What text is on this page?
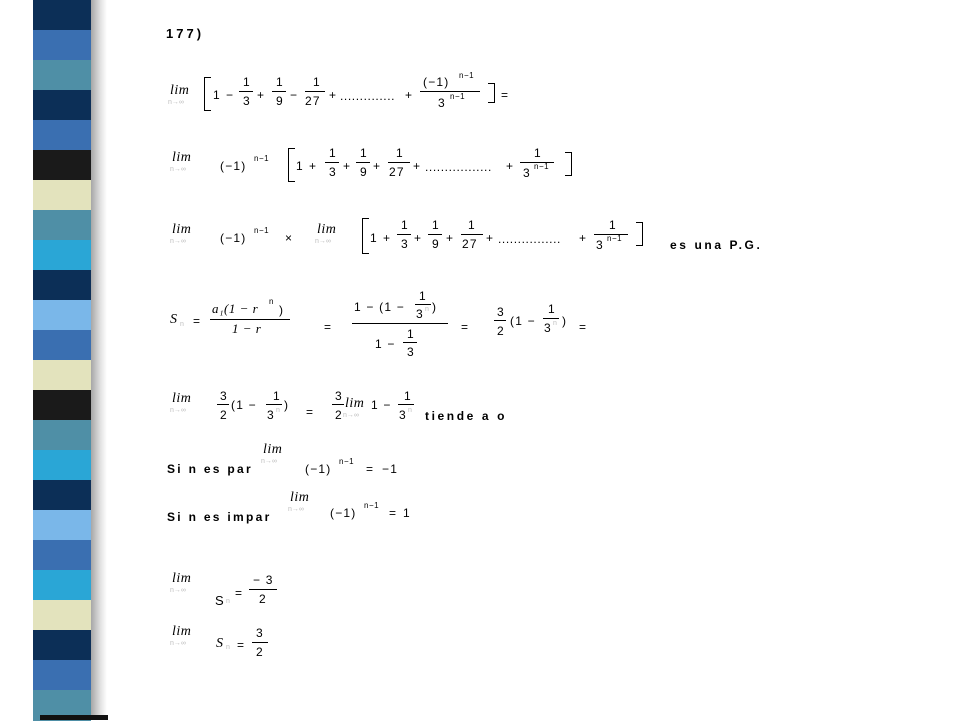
177)
lim
n→∞
1 −
1
3 +
1
9 −
1
27 + .............. +
(−1) n−1
3 n−1	=
lim
n→∞	(−1)
n−1
1 +
1
3 +
1
9 +
1
27 + ................. +
1
3 n−1
lim
n→∞	(−1)
n−1
×
lim
n→∞	1 +
1
3 +
1
9 +
1
27 + ................ +
1
3 n−1	es una P.G.
S n =
a₁(1 − r n
)
1 − r	=
1 − (1 −
1
3 n )
1 −
1
3
=
3
2
(1 −
1
3 n ) =
lim
n→∞
3
2
(1 −
1
3 n ) =
3
2
lim
n→∞
1 −
1
3 n tiende a o
Si n es par
lim
n→∞
(−1)
n−1
= −1
Si n es impar
lim
n→∞ (−1)
n−1
= 1
lim
n→∞
S n
=
− 3
2
lim
n→∞ S n =
3
2
